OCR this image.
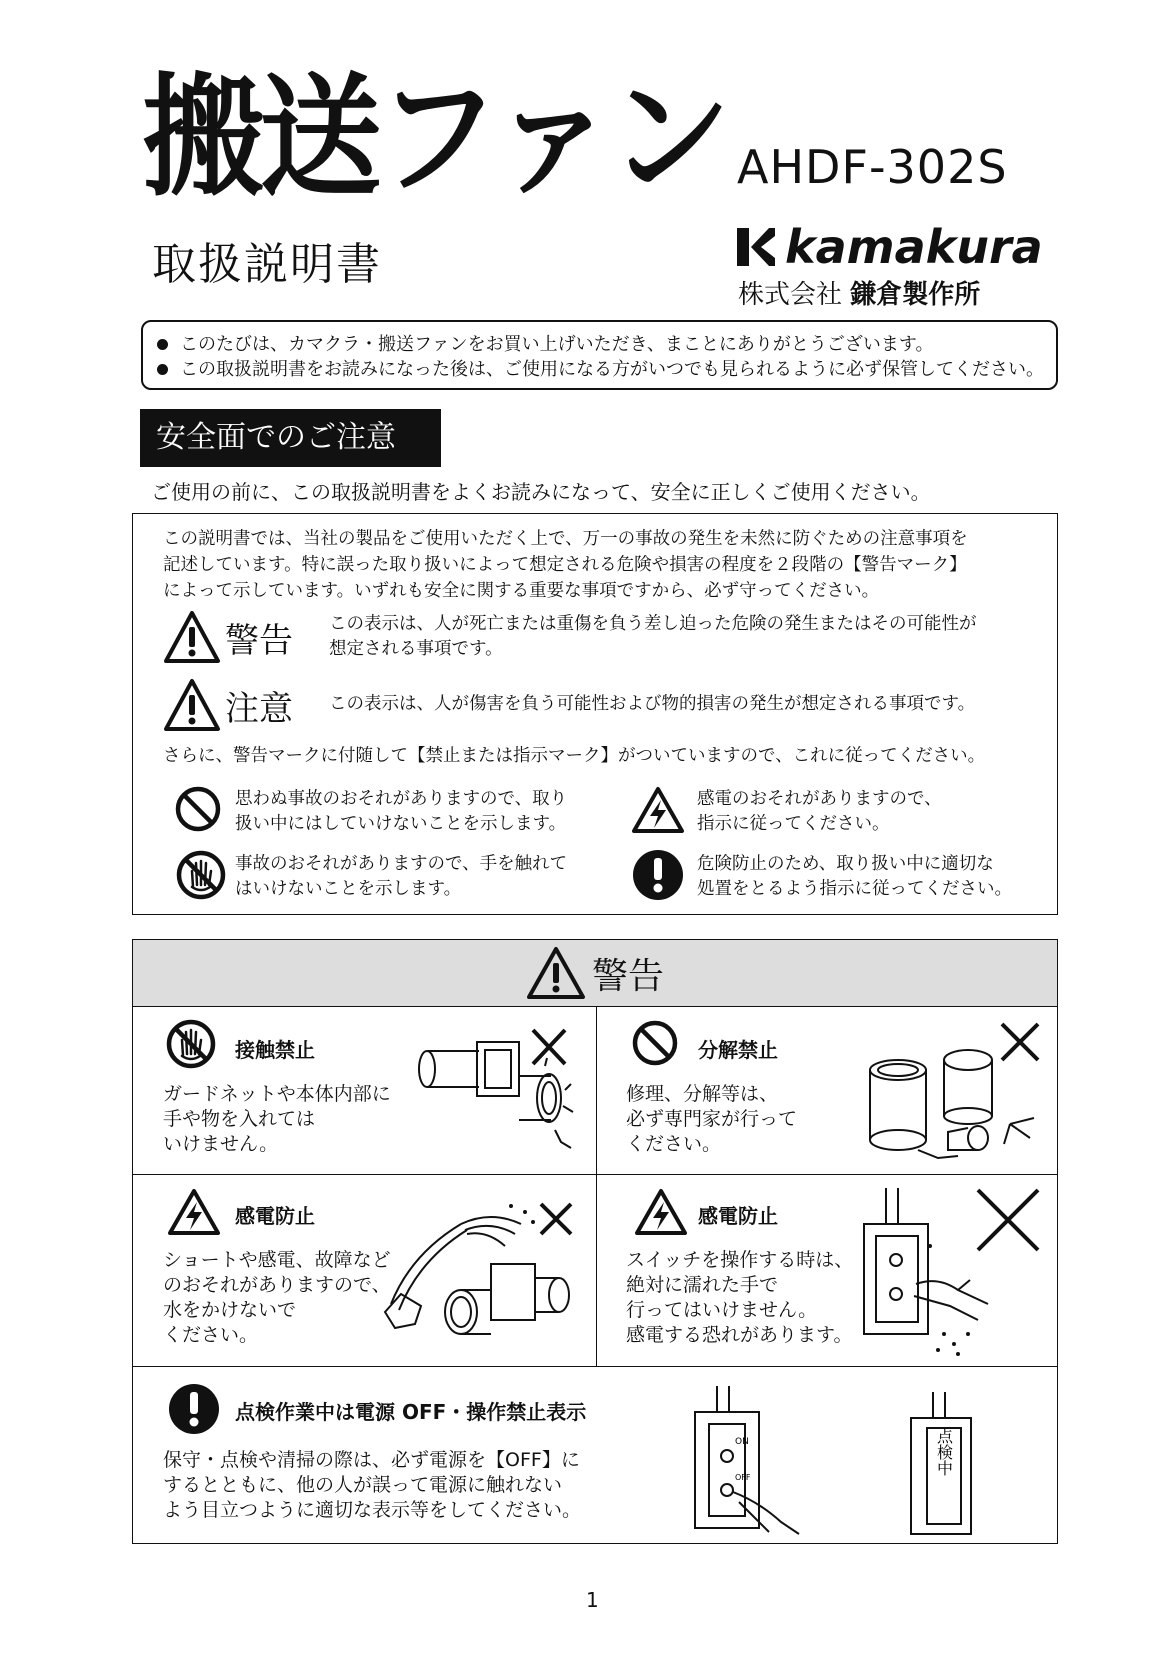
搬送ファン AHDF-302S
取扱説明書	kamakura
株式会社 鎌倉製作所
このたびは、カマクラ・搬送ファンをお買い上げいただき、まことにありがとうございます。
この取扱説明書をお読みになった後は、ご使用になる方がいつでも見られるように必ず保管してください。
安全面でのご注意
ご使用の前に、この取扱説明書をよくお読みになって、安全に正しくご使用ください。
この説明書では、当社の製品をご使用いただく上で、万一の事故の発生を未然に防ぐための注意事項を
記述しています。特に誤った取り扱いによって想定される危険や損害の程度を２段階の【警告マーク】
によって示しています。いずれも安全に関する重要な事項ですから、必ず守ってください。
警告 この表示は、人が死亡または重傷を負う差し迫った危険の発生またはその可能性が
想定される事項です。
注意 この表示は、人が傷害を負う可能性および物的損害の発生が想定される事項です。
さらに、警告マークに付随して【禁止または指示マーク】がついていますので、これに従ってください。
思わぬ事故のおそれがありますので、取り
扱い中にはしていけないことを示します。
感電のおそれがありますので、
指示に従ってください。
事故のおそれがありますので、手を触れて
はいけないことを示します。
危険防止のため、取り扱い中に適切な
処置をとるよう指示に従ってください。
警告
接触禁止
ガードネットや本体内部に
手や物を入れては
いけません。
分解禁止
修理、分解等は、
必ず専門家が行って
ください。
感電防止
ショートや感電、故障など
のおそれがありますので、
水をかけないで
ください。
感電防止
スイッチを操作する時は、
絶対に濡れた手で
行ってはいけません。
感電する恐れがあります。
点検作業中は電源 OFF・操作禁止表示
保守・点検や清掃の際は、必ず電源を【OFF】に
するとともに、他の人が誤って電源に触れない
よう目立つように適切な表示等をしてください。
ON
OFF
点検中
1
